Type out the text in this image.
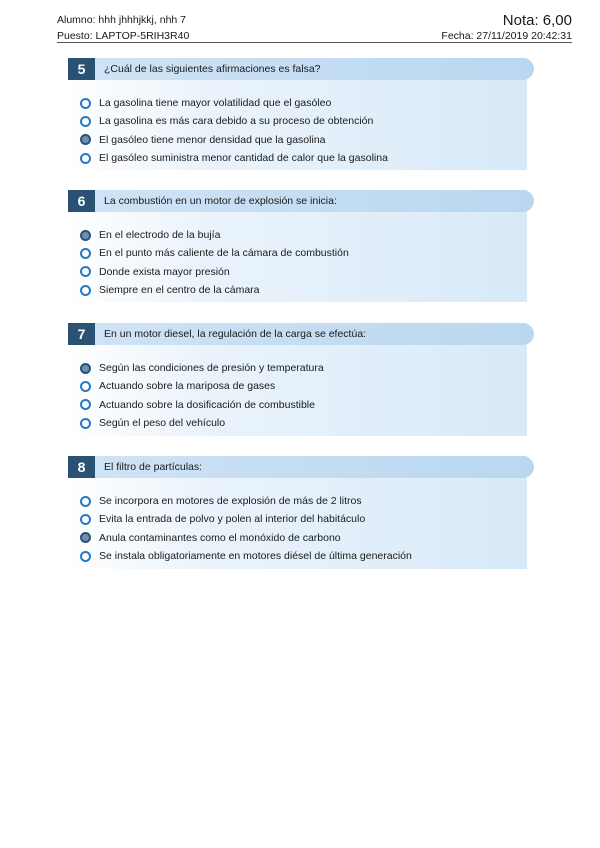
Alumno: hhh jhhhjkkj, nhh 7
Puesto: LAPTOP-5RIH3R40
Nota: 6,00
Fecha: 27/11/2019 20:42:31
5	¿Cuál de las siguientes afirmaciones es falsa?
La gasolina tiene mayor volatilidad que el gasóleo
La gasolina es más cara debido a su proceso de obtención
El gasóleo tiene menor densidad que la gasolina
El gasóleo suministra menor cantidad de calor que la gasolina
6	La combustión en un motor de explosión se inicia:
En el electrodo de la bujía
En el punto más caliente de la cámara de combustión
Donde exista mayor presión
Siempre en el centro de la cámara
7	En un motor diesel, la regulación de la carga se efectúa:
Según las condiciones de presión y temperatura
Actuando sobre la mariposa de gases
Actuando sobre la dosificación de combustible
Según el peso del vehículo
8	El filtro de partículas:
Se incorpora en motores de explosión de más de 2 litros
Evita la entrada de polvo y polen al interior del habitáculo
Anula contaminantes como el monóxido de carbono
Se instala obligatoriamente en motores diésel de última generación
